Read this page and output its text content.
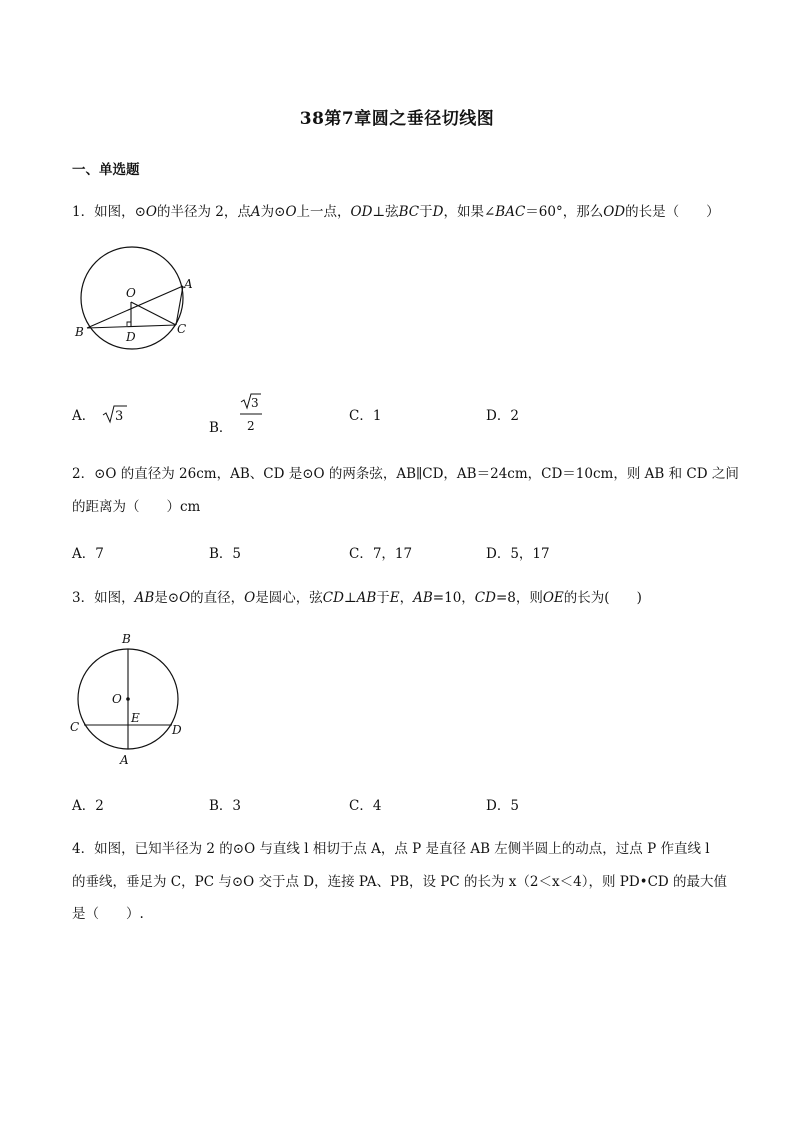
38第7章圆之垂径切线图
一、单选题
1．如图，⊙O的半径为 2，点A为⊙O上一点，OD⊥弦BC于D，如果∠BAC＝60°，那么OD的长是（　　）
O
A
B	C
D
A． 3
B．
3
2
C．1	D．2
2．⊙O 的直径为 26cm，AB、CD 是⊙O 的两条弦，AB∥CD，AB＝24cm，CD＝10cm，则 AB 和 CD 之间
的距离为（　　）cm
A．7	B．5	C．7，17	D．5，17
3．如图，AB是⊙O的直径，O是圆心，弦CD⊥AB于E，AB=10，CD=8，则OE的长为(　　)
B
O
E
C	D
A
A．2	B．3	C．4	D．5
4．如图，已知半径为 2 的⊙O 与直线 l 相切于点 A，点 P 是直径 AB 左侧半圆上的动点，过点 P 作直线 l
的垂线，垂足为 C，PC 与⊙O 交于点 D，连接 PA、PB，设 PC 的长为 x（2＜x＜4），则 PD•CD 的最大值
是（　　）.
